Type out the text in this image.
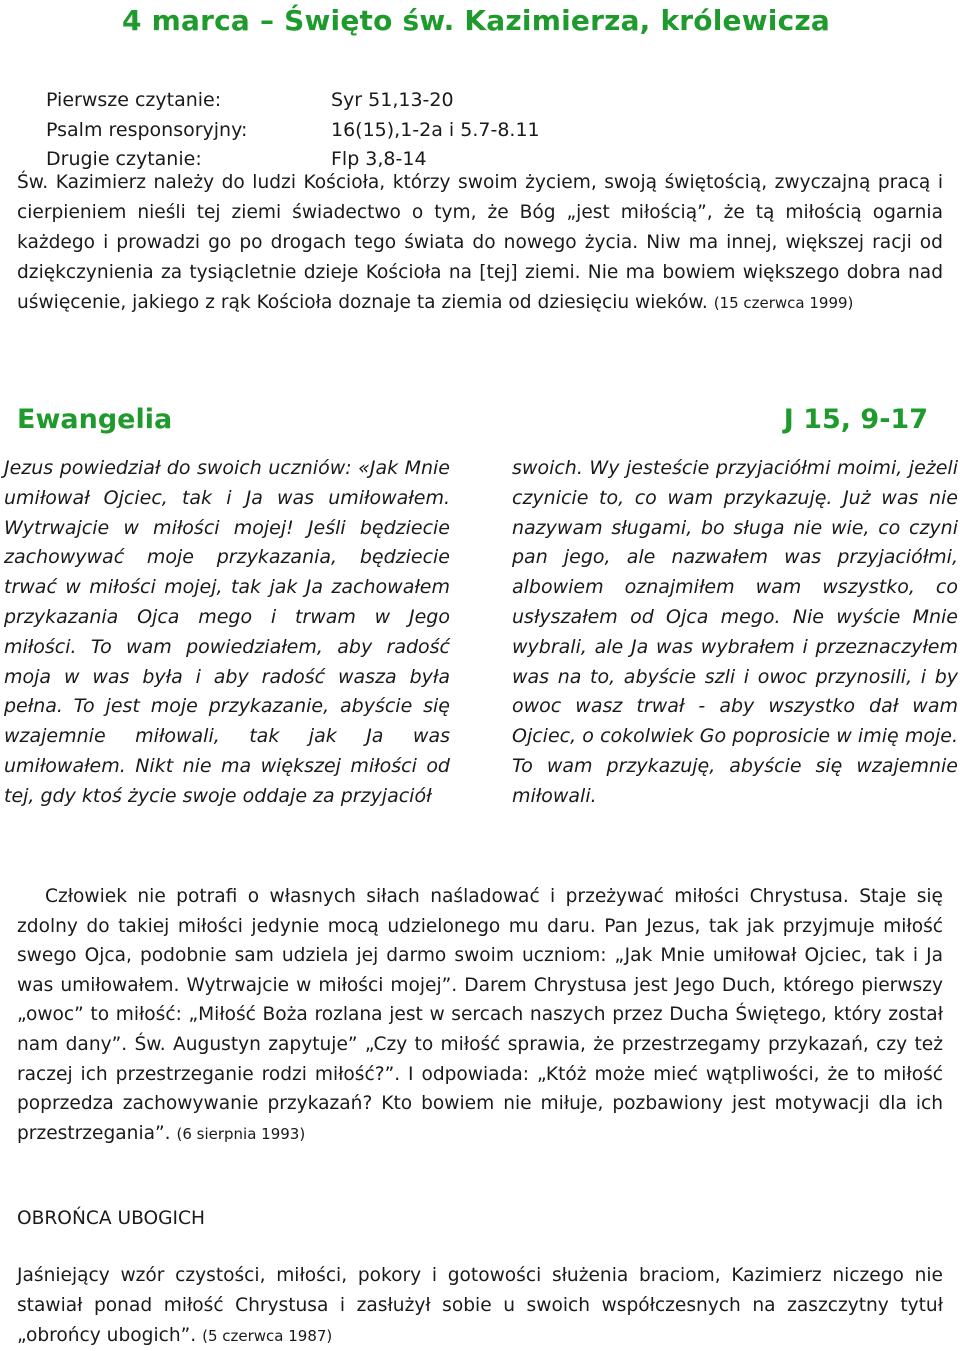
4 marca – Święto św. Kazimierza, królewicza
Pierwsze czytanie:	Syr 51,13-20
Psalm responsoryjny:	16(15),1-2a i 5.7-8.11
Drugie czytanie:	Flp 3,8-14
Św. Kazimierz należy do ludzi Kościoła, którzy swoim życiem, swoją świętością, zwyczajną pracą i cierpieniem nieśli tej ziemi świadectwo o tym, że Bóg „jest miłością”, że tą miłością ogarnia każdego i prowadzi go po drogach tego świata do nowego życia. Niw ma innej, większej racji od dziękczynienia za tysiącletnie dzieje Kościoła na [tej] ziemi. Nie ma bowiem większego dobra nad uświęcenie, jakiego z rąk Kościoła doznaje ta ziemia od dziesięciu wieków. (15 czerwca 1999)
Ewangelia	J 15, 9-17
Jezus powiedział do swoich uczniów: «Jak Mnie umiłował Ojciec, tak i Ja was umiłowałem. Wytrwajcie w miłości mojej! Jeśli będziecie zachowywać moje przykazania, będziecie trwać w miłości mojej, tak jak Ja zachowałem przykazania Ojca mego i trwam w Jego miłości. To wam powiedziałem, aby radość moja w was była i aby radość wasza była pełna. To jest moje przykazanie, abyście się wzajemnie miłowali, tak jak Ja was umiłowałem. Nikt nie ma większej miłości od tej, gdy ktoś życie swoje oddaje za przyjaciół
swoich. Wy jesteście przyjaciółmi moimi, jeżeli czynicie to, co wam przykazuję. Już was nie nazywam sługami, bo sługa nie wie, co czyni pan jego, ale nazwałem was przyjaciółmi, albowiem oznajmiłem wam wszystko, co usłyszałem od Ojca mego. Nie wyście Mnie wybrali, ale Ja was wybrałem i przeznaczyłem was na to, abyście szli i owoc przynosili, i by owoc wasz trwał - aby wszystko dał wam Ojciec, o cokolwiek Go poprosicie w imię moje. To wam przykazuję, abyście się wzajemnie miłowali.
Człowiek nie potrafi o własnych siłach naśladować i przeżywać miłości Chrystusa. Staje się zdolny do takiej miłości jedynie mocą udzielonego mu daru. Pan Jezus, tak jak przyjmuje miłość swego Ojca, podobnie sam udziela jej darmo swoim uczniom: „Jak Mnie umiłował Ojciec, tak i Ja was umiłowałem. Wytrwajcie w miłości mojej”. Darem Chrystusa jest Jego Duch, którego pierwszy „owoc” to miłość: „Miłość Boża rozlana jest w sercach naszych przez Ducha Świętego, który został nam dany”. Św. Augustyn zapytuje” „Czy to miłość sprawia, że przestrzegamy przykazań, czy też raczej ich przestrzeganie rodzi miłość?”. I odpowiada: „Któż może mieć wątpliwości, że to miłość poprzedza zachowywanie przykazań? Kto bowiem nie miłuje, pozbawiony jest motywacji dla ich przestrzegania”. (6 sierpnia 1993)
OBROŃCA UBOGICH
Jaśniejący wzór czystości, miłości, pokory i gotowości służenia braciom, Kazimierz niczego nie stawiał ponad miłość Chrystusa i zasłużył sobie u swoich współczesnych na zaszczytny tytuł „obrońcy ubogich”. (5 czerwca 1987)
